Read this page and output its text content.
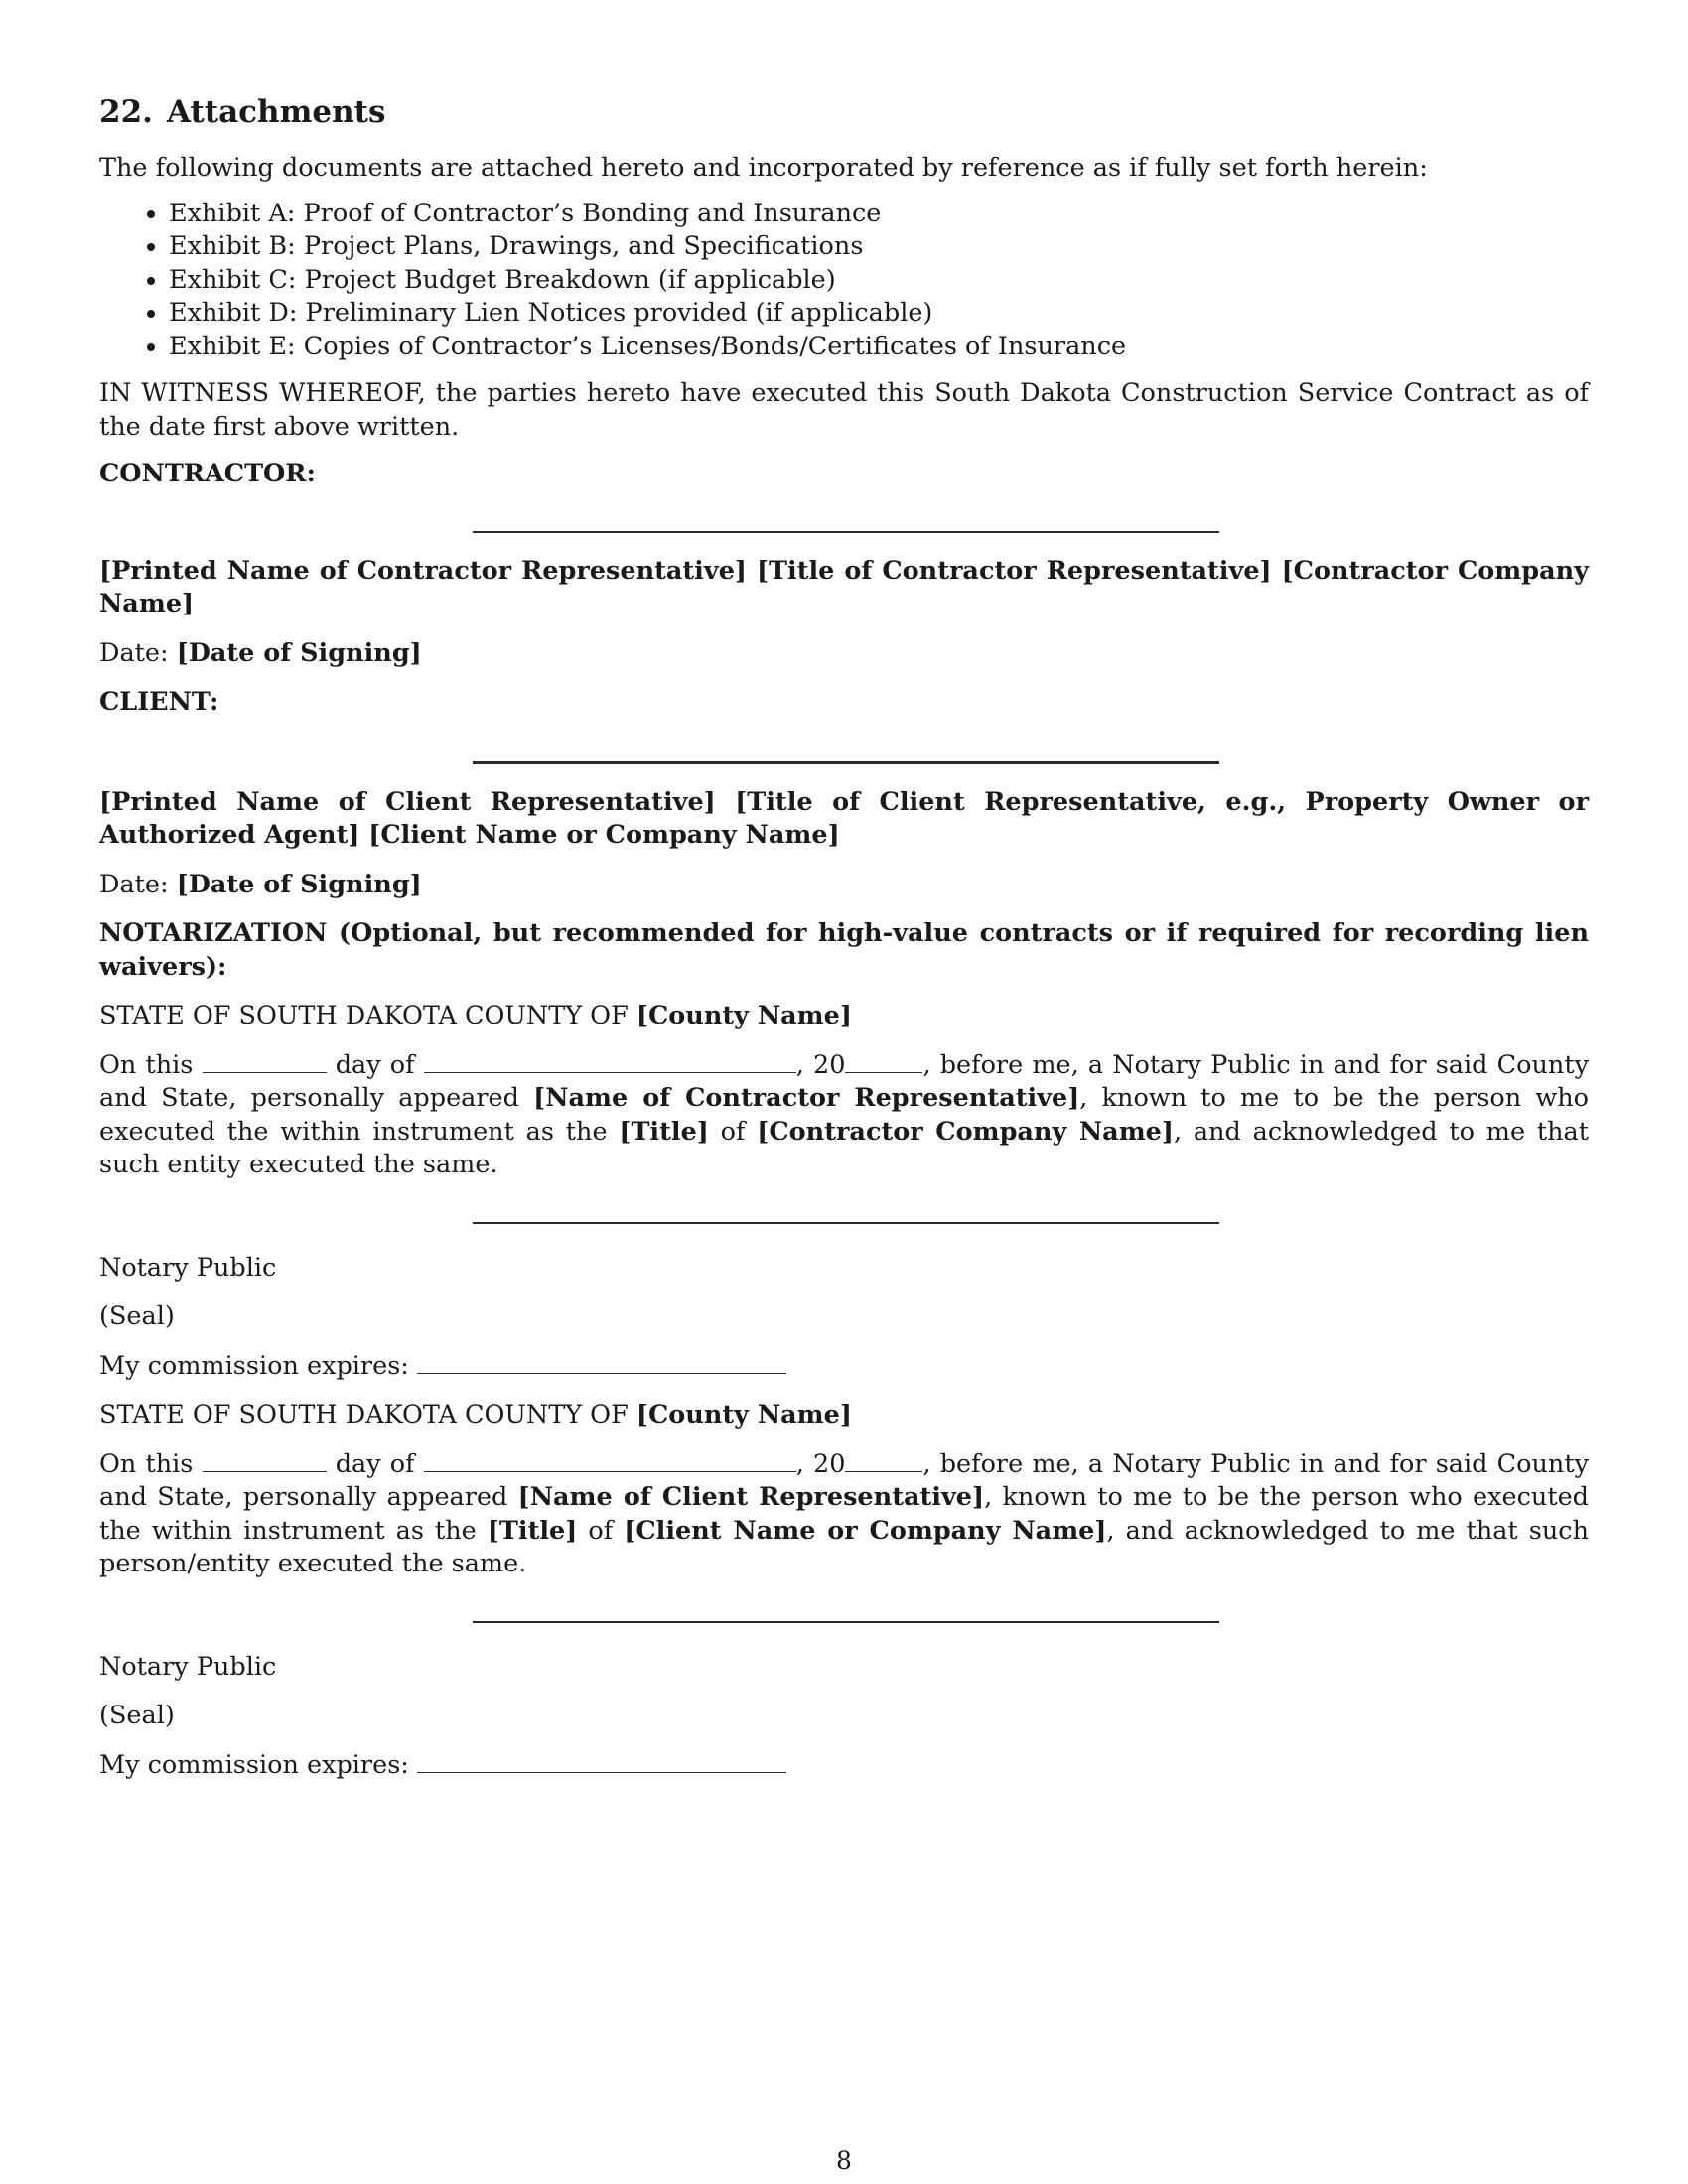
22. Attachments

The following documents are attached hereto and incorporated by reference as if fully set forth herein:

• Exhibit A: Proof of Contractor’s Bonding and Insurance
• Exhibit B: Project Plans, Drawings, and Specifications
• Exhibit C: Project Budget Breakdown (if applicable)
• Exhibit D: Preliminary Lien Notices provided (if applicable)
• Exhibit E: Copies of Contractor’s Licenses/Bonds/Certificates of Insurance

IN WITNESS WHEREOF, the parties hereto have executed this South Dakota Construction Service Contract as of the date first above written.

CONTRACTOR:

[Printed Name of Contractor Representative] [Title of Contractor Representative] [Contractor Company Name]

Date: [Date of Signing]

CLIENT:

[Printed Name of Client Representative] [Title of Client Representative, e.g., Property Owner or Authorized Agent] [Client Name or Company Name]

Date: [Date of Signing]

NOTARIZATION (Optional, but recommended for high-value contracts or if required for recording lien waivers):

STATE OF SOUTH DAKOTA COUNTY OF [County Name]

On this	day of	, 20	, before me, a Notary Public in and for said County and State, personally appeared [Name of Contractor Representative], known to me to be the person who executed the within instrument as the [Title] of [Contractor Company Name], and acknowledged to me that such entity executed the same.

Notary Public

(Seal)

My commission expires:

STATE OF SOUTH DAKOTA COUNTY OF [County Name]

On this	day of	, 20	, before me, a Notary Public in and for said County and State, personally appeared [Name of Client Representative], known to me to be the person who executed the within instrument as the [Title] of [Client Name or Company Name], and acknowledged to me that such person/entity executed the same.

Notary Public

(Seal)

My commission expires:

8
